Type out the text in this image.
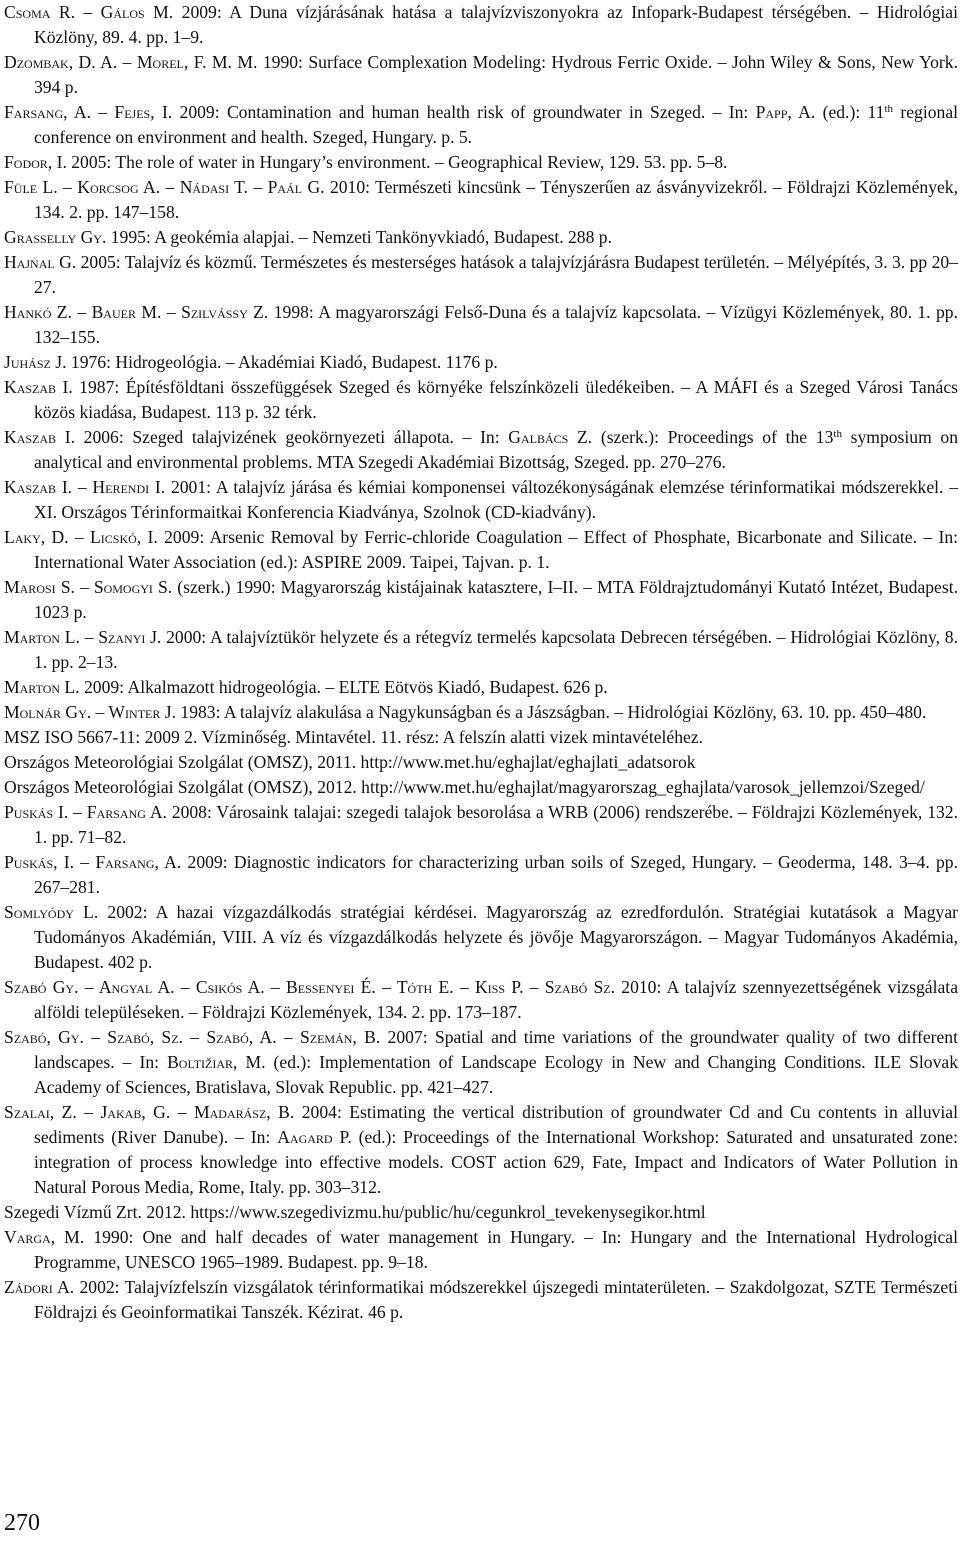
Csoma R. – Gálos M. 2009: A Duna vízjárásának hatása a talajvízviszonyokra az Infopark-Budapest térségében. – Hidrológiai Közlöny, 89. 4. pp. 1–9.

Dzombak, D. A. – Morel, F. M. M. 1990: Surface Complexation Modeling: Hydrous Ferric Oxide. – John Wiley & Sons, New York. 394 p.

Farsang, A. – Fejes, I. 2009: Contamination and human health risk of groundwater in Szeged. – In: Papp, A. (ed.): 11th regional conference on environment and health. Szeged, Hungary. p. 5.

Fodor, I. 2005: The role of water in Hungary’s environment. – Geographical Review, 129. 53. pp. 5–8.

Füle L. – Korcsog A. – Nádasi T. – Paál G. 2010: Természeti kincsünk – Tényszerűen az ásványvizekről. – Földrajzi Közlemények, 134. 2. pp. 147–158.

Grasselly Gy. 1995: A geokémia alapjai. – Nemzeti Tankönyvkiadó, Budapest. 288 p.

Hajnal G. 2005: Talajvíz és közmű. Természetes és mesterséges hatások a talajvízjárásra Budapest területén. – Mélyépítés, 3. 3. pp 20–27.

Hankó Z. – Bauer M. – Szilvássy Z. 1998: A magyarországi Felső-Duna és a talajvíz kapcsolata. – Vízügyi Közlemények, 80. 1. pp. 132–155.

Juhász J. 1976: Hidrogeológia. – Akadémiai Kiadó, Budapest. 1176 p.

Kaszab I. 1987: Építésföldtani összefüggések Szeged és környéke felszínközeli üledékeiben. – A MÁFI és a Szeged Városi Tanács közös kiadása, Budapest. 113 p. 32 térk.

Kaszab I. 2006: Szeged talajvizének geokörnyezeti állapota. – In: Galbács Z. (szerk.): Proceedings of the 13th symposium on analytical and environmental problems. MTA Szegedi Akadémiai Bizottság, Szeged. pp. 270–276.

Kaszab I. – Herendi I. 2001: A talajvíz járása és kémiai komponensei változékonyságának elemzése térinformatikai módszerekkel. – XI. Országos Térinformaitkai Konferencia Kiadványa, Szolnok (CD-kiadvány).

Laky, D. – Licskó, I. 2009: Arsenic Removal by Ferric-chloride Coagulation – Effect of Phosphate, Bicarbonate and Silicate. – In: International Water Association (ed.): ASPIRE 2009. Taipei, Tajvan. p. 1.

Marosi S. – Somogyi S. (szerk.) 1990: Magyarország kistájainak katasztere, I–II. – MTA Földrajztudományi Kutató Intézet, Budapest. 1023 p.

Marton L. – Szanyi J. 2000: A talajvíztükör helyzete és a rétegvíz termelés kapcsolata Debrecen térségében. – Hidrológiai Közlöny, 8. 1. pp. 2–13.

Marton L. 2009: Alkalmazott hidrogeológia. – ELTE Eötvös Kiadó, Budapest. 626 p.

Molnár Gy. – Winter J. 1983: A talajvíz alakulása a Nagykunságban és a Jászságban. – Hidrológiai Közlöny, 63. 10. pp. 450–480.

MSZ ISO 5667-11: 2009 2. Vízminőség. Mintavétel. 11. rész: A felszín alatti vizek mintavételéhez.

Országos Meteorológiai Szolgálat (OMSZ), 2011. http://www.met.hu/eghajlat/eghajlati_adatsorok

Országos Meteorológiai Szolgálat (OMSZ), 2012. http://www.met.hu/eghajlat/magyarorszag_eghajlata/varosok_jellemzoi/Szeged/

Puskás I. – Farsang A. 2008: Városaink talajai: szegedi talajok besorolása a WRB (2006) rendszerébe. – Földrajzi Közlemények, 132. 1. pp. 71–82.

Puskás, I. – Farsang, A. 2009: Diagnostic indicators for characterizing urban soils of Szeged, Hungary. – Geoderma, 148. 3–4. pp. 267–281.

Somlyódy L. 2002: A hazai vízgazdálkodás stratégiai kérdései. Magyarország az ezredfordulón. Stratégiai kutatások a Magyar Tudományos Akadémián, VIII. A víz és vízgazdálkodás helyzete és jövője Magyarországon. – Magyar Tudományos Akadémia, Budapest. 402 p.

Szabó Gy. – Angyal A. – Csikós A. – Bessenyei É. – Tóth E. – Kiss P. – Szabó Sz. 2010: A talajvíz szennyezettségének vizsgálata alföldi településeken. – Földrajzi Közlemények, 134. 2. pp. 173–187.

Szabó, Gy. – Szabó, Sz. – Szabó, A. – Szemán, B. 2007: Spatial and time variations of the groundwater quality of two different landscapes. – In: Boltižiar, M. (ed.): Implementation of Landscape Ecology in New and Changing Conditions. ILE Slovak Academy of Sciences, Bratislava, Slovak Republic. pp. 421–427.

Szalai, Z. – Jakab, G. – Madarász, B. 2004: Estimating the vertical distribution of groundwater Cd and Cu contents in alluvial sediments (River Danube). – In: Aagard P. (ed.): Proceedings of the International Workshop: Saturated and unsaturated zone: integration of process knowledge into effective models. COST action 629, Fate, Impact and Indicators of Water Pollution in Natural Porous Media, Rome, Italy. pp. 303–312.

Szegedi Vízmű Zrt. 2012. https://www.szegedivizmu.hu/public/hu/cegunkrol_tevekenysegikor.html

Varga, M. 1990: One and half decades of water management in Hungary. – In: Hungary and the International Hydrological Programme, UNESCO 1965–1989. Budapest. pp. 9–18.

Zádori A. 2002: Talajvízfelszín vizsgálatok térinformatikai módszerekkel újszegedi mintaterületen. – Szakdolgozat, SZTE Természeti Földrajzi és Geoinformatikai Tanszék. Kézirat. 46 p.

270
